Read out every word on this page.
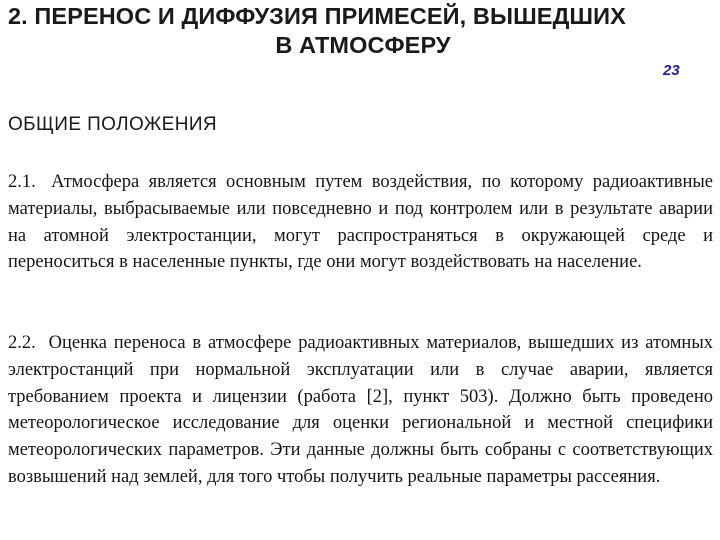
2. ПЕРЕНОС И ДИФФУЗИЯ ПРИМЕСЕЙ, ВЫШЕДШИХ
В АТМОСФЕРУ
23
ОБЩИЕ ПОЛОЖЕНИЯ
2.1. Атмосфера является основным путем воздействия, по которому радиоактивные материалы, выбрасываемые или повседневно и под контролем или в результате аварии на атомной электростанции, могут распространяться в окружающей среде и переноситься в населенные пункты, где они могут воздействовать на население.
2.2. Оценка переноса в атмосфере радиоактивных материалов, вышедших из атомных электростанций при нормальной эксплуатации или в случае аварии, является требованием проекта и лицензии (работа [2], пункт 503). Должно быть проведено метеорологическое исследование для оценки региональной и местной специфики метеорологических параметров. Эти данные должны быть собраны с соответствующих возвышений над землей, для того чтобы получить реальные параметры рассеяния.
